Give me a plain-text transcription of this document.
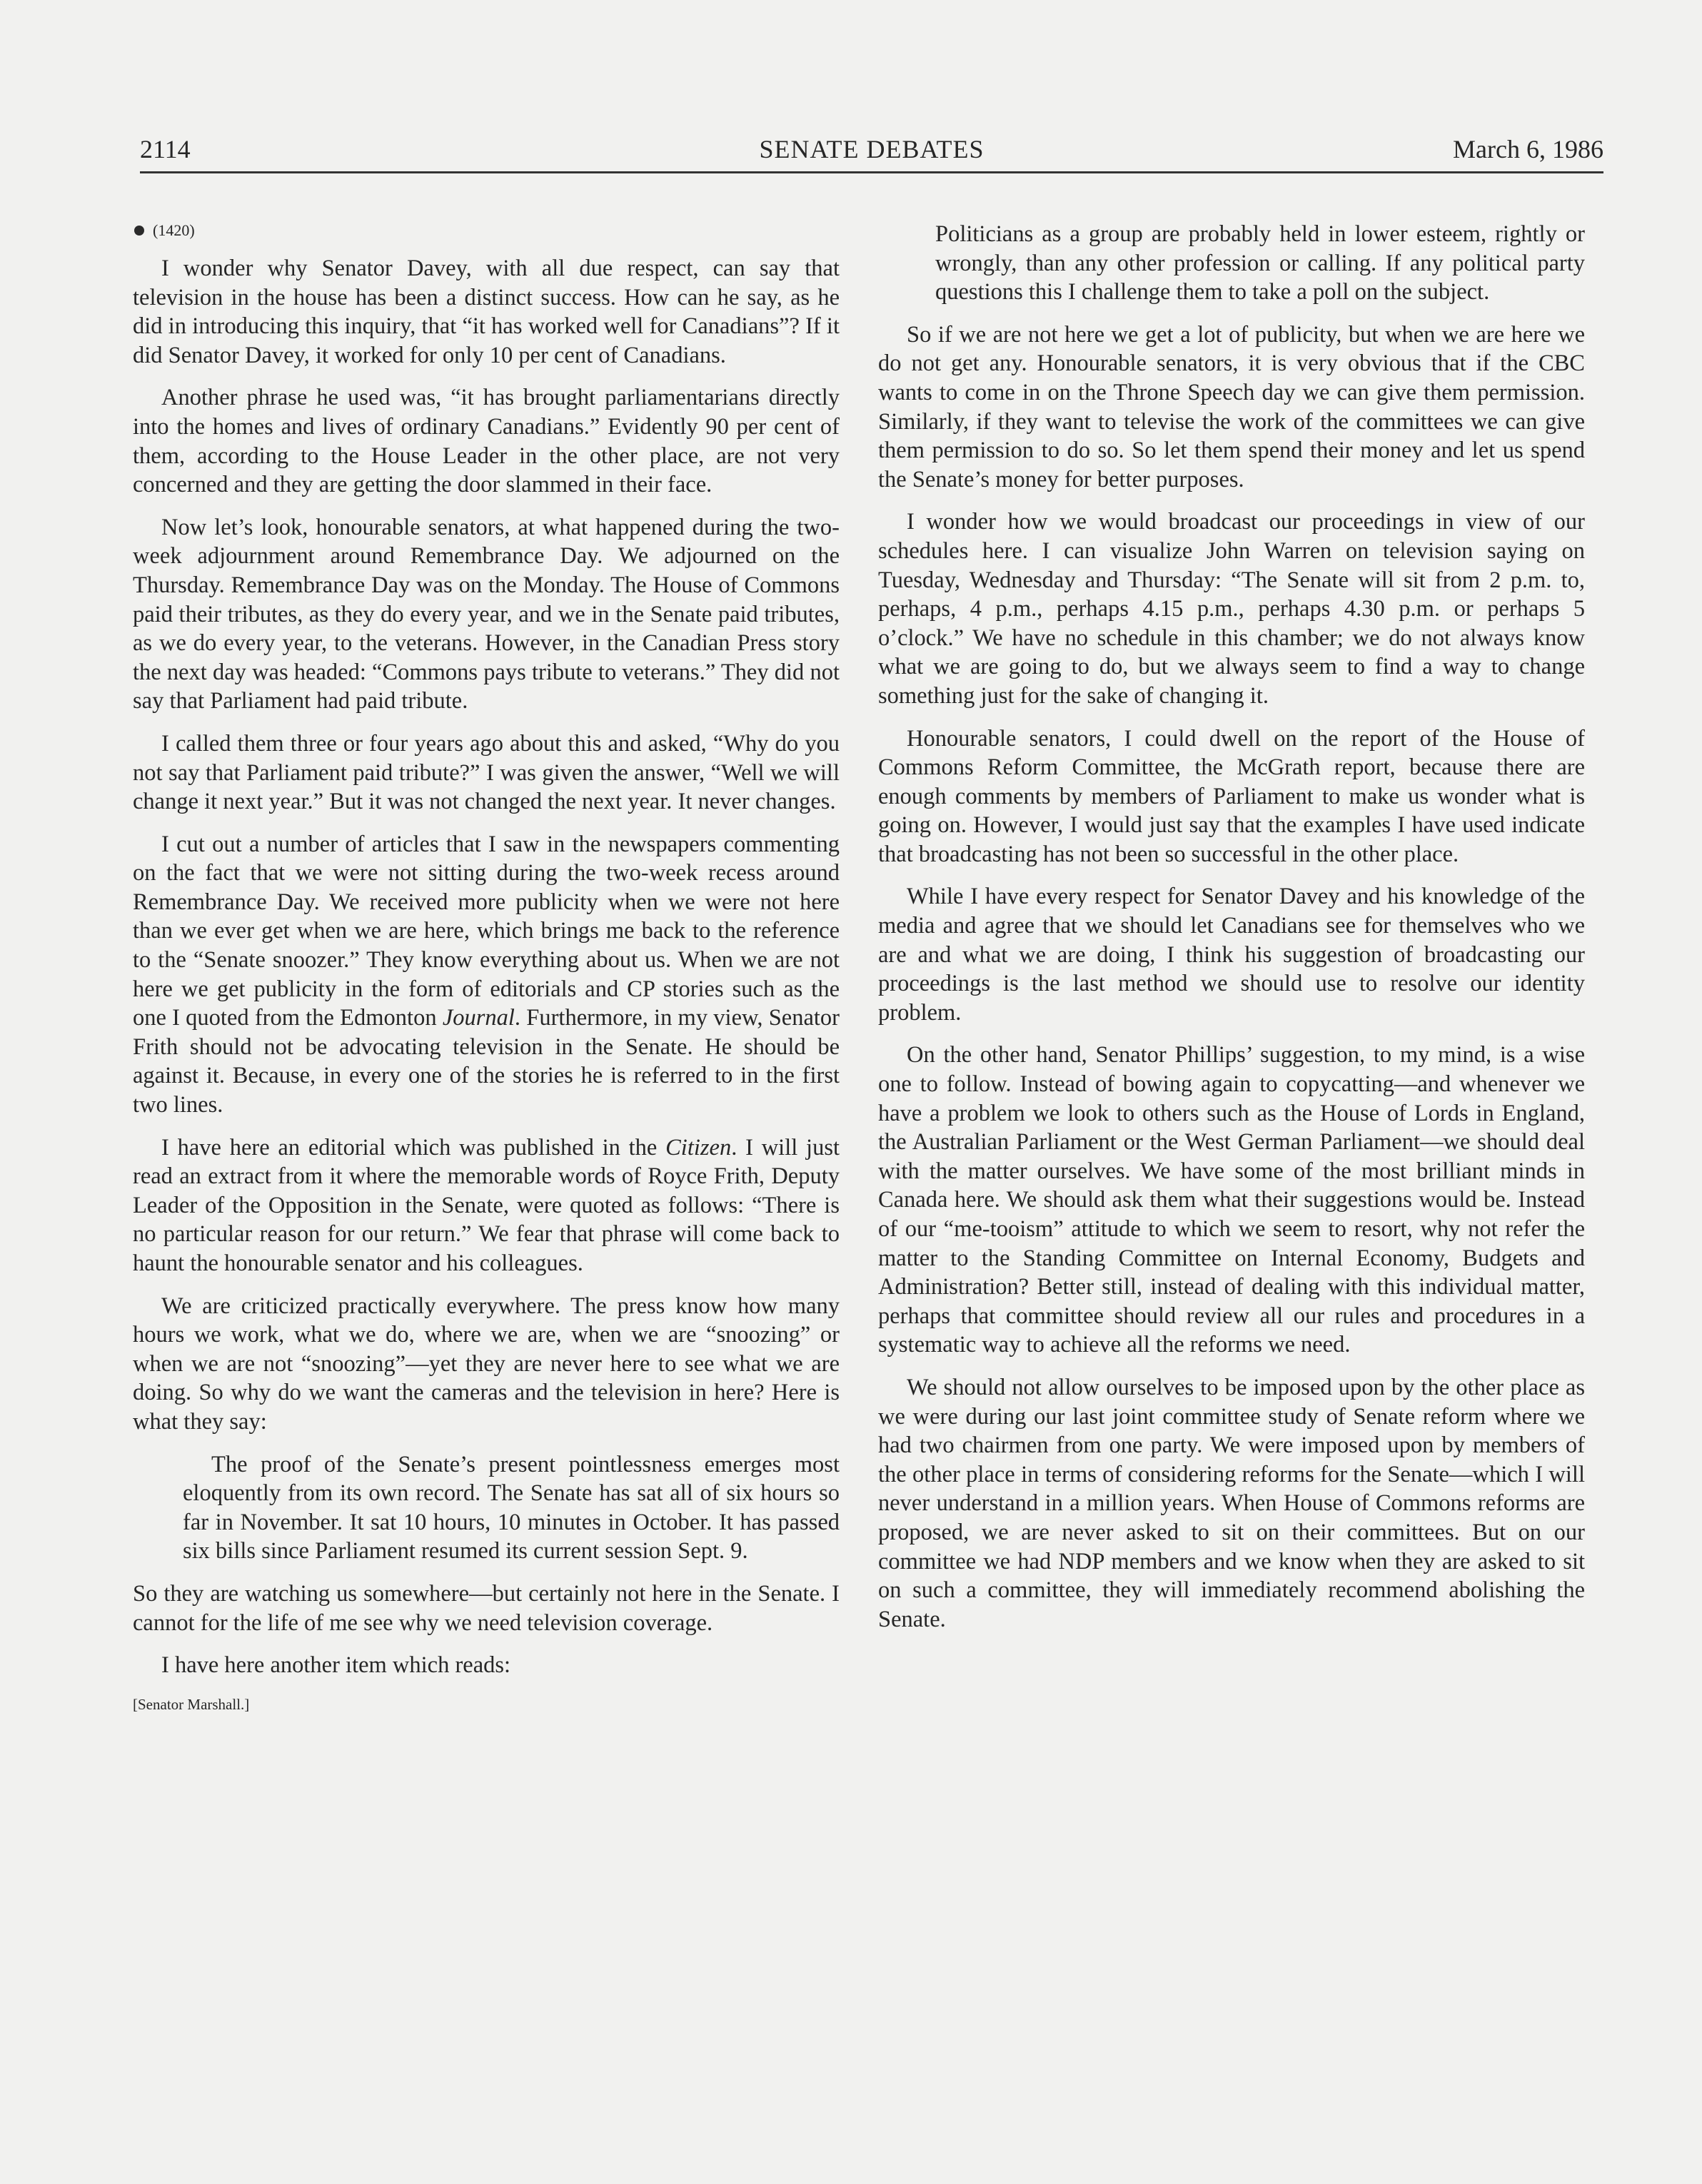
2114	SENATE DEBATES	March 6, 1986
(1420)

I wonder why Senator Davey, with all due respect, can say that television in the house has been a distinct success. How can he say, as he did in introducing this inquiry, that “it has worked well for Canadians”? If it did Senator Davey, it worked for only 10 per cent of Canadians.

Another phrase he used was, “it has brought parliamentarians directly into the homes and lives of ordinary Canadians.” Evidently 90 per cent of them, according to the House Leader in the other place, are not very concerned and they are getting the door slammed in their face.

Now let’s look, honourable senators, at what happened during the two-week adjournment around Remembrance Day. We adjourned on the Thursday. Remembrance Day was on the Monday. The House of Commons paid their tributes, as they do every year, and we in the Senate paid tributes, as we do every year, to the veterans. However, in the Canadian Press story the next day was headed: “Commons pays tribute to veterans.” They did not say that Parliament had paid tribute.

I called them three or four years ago about this and asked, “Why do you not say that Parliament paid tribute?” I was given the answer, “Well we will change it next year.” But it was not changed the next year. It never changes.

I cut out a number of articles that I saw in the newspapers commenting on the fact that we were not sitting during the two-week recess around Remembrance Day. We received more publicity when we were not here than we ever get when we are here, which brings me back to the reference to the “Senate snoozer.” They know everything about us. When we are not here we get publicity in the form of editorials and CP stories such as the one I quoted from the Edmonton Journal. Furthermore, in my view, Senator Frith should not be advocating television in the Senate. He should be against it. Because, in every one of the stories he is referred to in the first two lines.

I have here an editorial which was published in the Citizen. I will just read an extract from it where the memorable words of Royce Frith, Deputy Leader of the Opposition in the Senate, were quoted as follows: “There is no particular reason for our return.” We fear that phrase will come back to haunt the honourable senator and his colleagues.

We are criticized practically everywhere. The press know how many hours we work, what we do, where we are, when we are “snoozing” or when we are not “snoozing”—yet they are never here to see what we are doing. So why do we want the cameras and the television in here? Here is what they say:

The proof of the Senate’s present pointlessness emerges most eloquently from its own record. The Senate has sat all of six hours so far in November. It sat 10 hours, 10 minutes in October. It has passed six bills since Parliament resumed its current session Sept. 9.

So they are watching us somewhere—but certainly not here in the Senate. I cannot for the life of me see why we need television coverage.

I have here another item which reads:

[Senator Marshall.]

Politicians as a group are probably held in lower esteem, rightly or wrongly, than any other profession or calling. If any political party questions this I challenge them to take a poll on the subject.

So if we are not here we get a lot of publicity, but when we are here we do not get any. Honourable senators, it is very obvious that if the CBC wants to come in on the Throne Speech day we can give them permission. Similarly, if they want to televise the work of the committees we can give them permission to do so. So let them spend their money and let us spend the Senate’s money for better purposes.

I wonder how we would broadcast our proceedings in view of our schedules here. I can visualize John Warren on television saying on Tuesday, Wednesday and Thursday: “The Senate will sit from 2 p.m. to, perhaps, 4 p.m., perhaps 4.15 p.m., perhaps 4.30 p.m. or perhaps 5 o’clock.” We have no schedule in this chamber; we do not always know what we are going to do, but we always seem to find a way to change something just for the sake of changing it.

Honourable senators, I could dwell on the report of the House of Commons Reform Committee, the McGrath report, because there are enough comments by members of Parliament to make us wonder what is going on. However, I would just say that the examples I have used indicate that broadcasting has not been so successful in the other place.

While I have every respect for Senator Davey and his knowledge of the media and agree that we should let Canadians see for themselves who we are and what we are doing, I think his suggestion of broadcasting our proceedings is the last method we should use to resolve our identity problem.

On the other hand, Senator Phillips’ suggestion, to my mind, is a wise one to follow. Instead of bowing again to copycatting—and whenever we have a problem we look to others such as the House of Lords in England, the Australian Parliament or the West German Parliament—we should deal with the matter ourselves. We have some of the most brilliant minds in Canada here. We should ask them what their suggestions would be. Instead of our “me-tooism” attitude to which we seem to resort, why not refer the matter to the Standing Committee on Internal Economy, Budgets and Administration? Better still, instead of dealing with this individual matter, perhaps that committee should review all our rules and procedures in a systematic way to achieve all the reforms we need.

We should not allow ourselves to be imposed upon by the other place as we were during our last joint committee study of Senate reform where we had two chairmen from one party. We were imposed upon by members of the other place in terms of considering reforms for the Senate—which I will never understand in a million years. When House of Commons reforms are proposed, we are never asked to sit on their committees. But on our committee we had NDP members and we know when they are asked to sit on such a committee, they will immediately recommend abolishing the Senate.
